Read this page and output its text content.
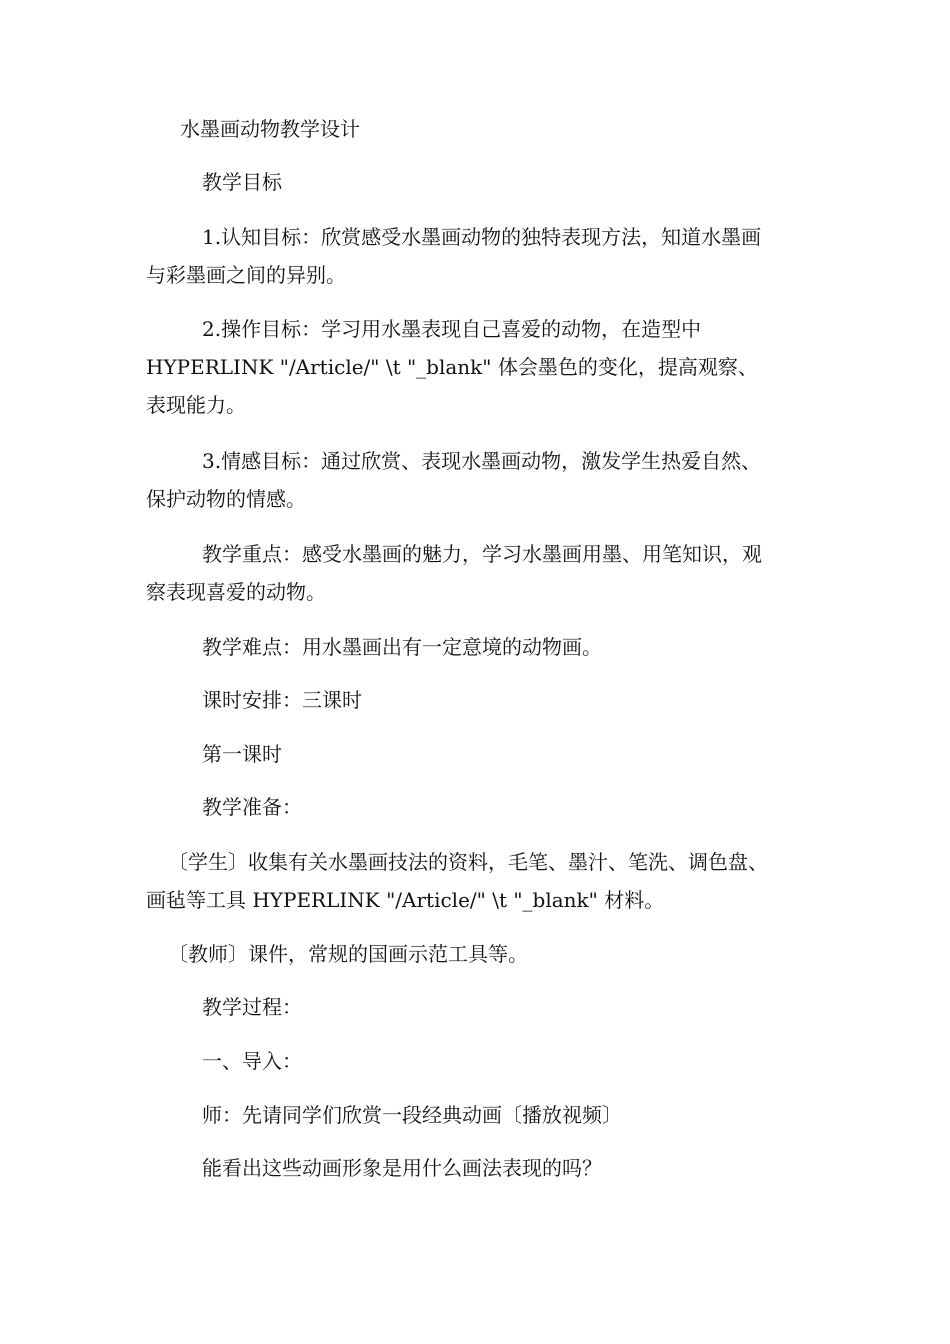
水墨画动物教学设计

教学目标

1.认知目标：欣赏感受水墨画动物的独特表现方法，知道水墨画
与彩墨画之间的异别。

2.操作目标：学习用水墨表现自己喜爱的动物，在造型中
HYPERLINK "/Article/" \t "_blank" 体会墨色的变化，提高观察、
表现能力。

3.情感目标：通过欣赏、表现水墨画动物，激发学生热爱自然、
保护动物的情感。

教学重点：感受水墨画的魅力，学习水墨画用墨、用笔知识，观
察表现喜爱的动物。

教学难点：用水墨画出有一定意境的动物画。

课时安排：三课时

第一课时

教学准备：

〔学生〕收集有关水墨画技法的资料，毛笔、墨汁、笔洗、调色盘、
画毡等工具 HYPERLINK "/Article/" \t "_blank" 材料。

〔教师〕课件，常规的国画示范工具等。

教学过程：

一、导入：

师：先请同学们欣赏一段经典动画〔播放视频〕

能看出这些动画形象是用什么画法表现的吗？
